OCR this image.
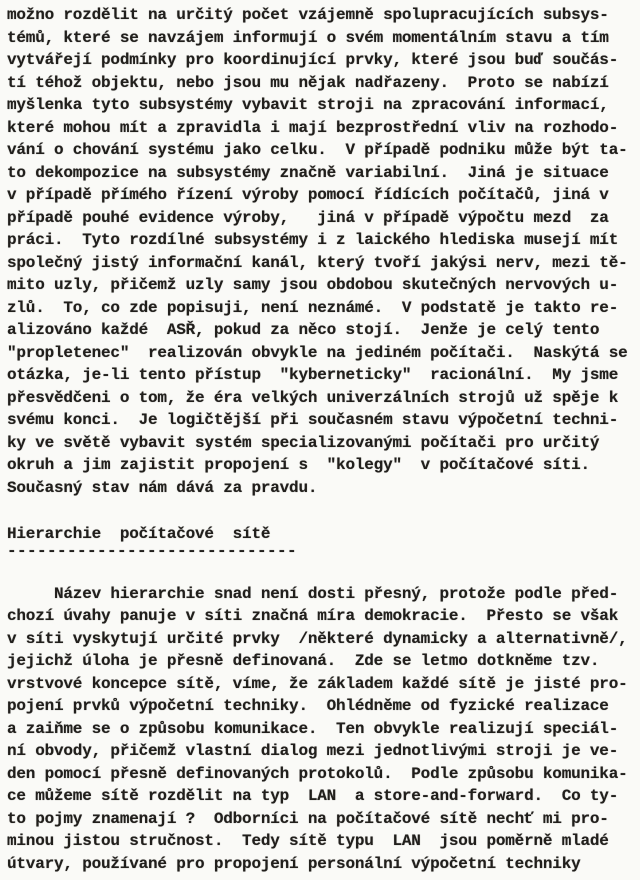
možno rozdělit na určitý počet vzájemně spolupracujících subsys-
témů, které se navzájem informují o svém momentálním stavu a tím
vytvářejí podmínky pro koordinující prvky, které jsou buď součás-
tí téhož objektu, nebo jsou mu nějak nadřazeny.  Proto se nabízí
myšlenka tyto subsystémy vybavit stroji na zpracování informací,
které mohou mít a zpravidla i mají bezprostřední vliv na rozhodo-
vání o chování systému jako celku.  V případě podniku může být ta-
to dekompozice na subsystémy značně variabilní.  Jiná je situace
v případě přímého řízení výroby pomocí řídících počítačů, jiná v
případě pouhé evidence výroby,   jiná v případě výpočtu mezd  za
práci.  Tyto rozdílné subsystémy i z laického hlediska musejí mít
společný jistý informační kanál, který tvoří jakýsi nerv, mezi tě-
mito uzly, přičemž uzly samy jsou obdobou skutečných nervových u-
zlů.  To, co zde popisuji, není neznámé.  V podstatě je takto re-
alizováno každé  ASŘ, pokud za něco stojí.  Jenže je celý tento
"propletenec"  realizován obvykle na jediném počítači.  Naskýtá se
otázka, je-li tento přístup  "kyberneticky"  racionální.  My jsme
přesvědčeni o tom, že éra velkých univerzálních strojů už spěje k
svému konci.  Je logičtější při současném stavu výpočetní techni-
ky ve světě vybavit systém specializovanými počítači pro určitý
okruh a jim zajistit propojení s  "kolegy"  v počítačové síti.
Současný stav nám dává za pravdu.
Hierarchie  počítačové  sítě
-----------------------------
Název hierarchie snad není dosti přesný, protože podle před-
chozí úvahy panuje v síti značná míra demokracie.  Přesto se však
v síti vyskytují určité prvky  /některé dynamicky a alternativně/,
jejichž úloha je přesně definovaná.  Zde se letmo dotkněme tzv.
vrstvové koncepce sítě, víme, že základem každé sítě je jisté pro-
pojení prvků výpočetní techniky.  Ohlédněme od fyzické realizace
a zaiňme se o způsobu komunikace.  Ten obvykle realizují speciál-
ní obvody, přičemž vlastní dialog mezi jednotlivými stroji je ve-
den pomocí přesně definovaných protokolů.  Podle způsobu komunika-
ce můžeme sítě rozdělit na typ  LAN  a store-and-forward.  Co ty-
to pojmy znamenají ?  Odborníci na počítačové sítě nechť mi pro-
minou jistou stručnost.  Tedy sítě typu  LAN  jsou poměrně mladé
útvary, používané pro propojení personální výpočetní techniky
